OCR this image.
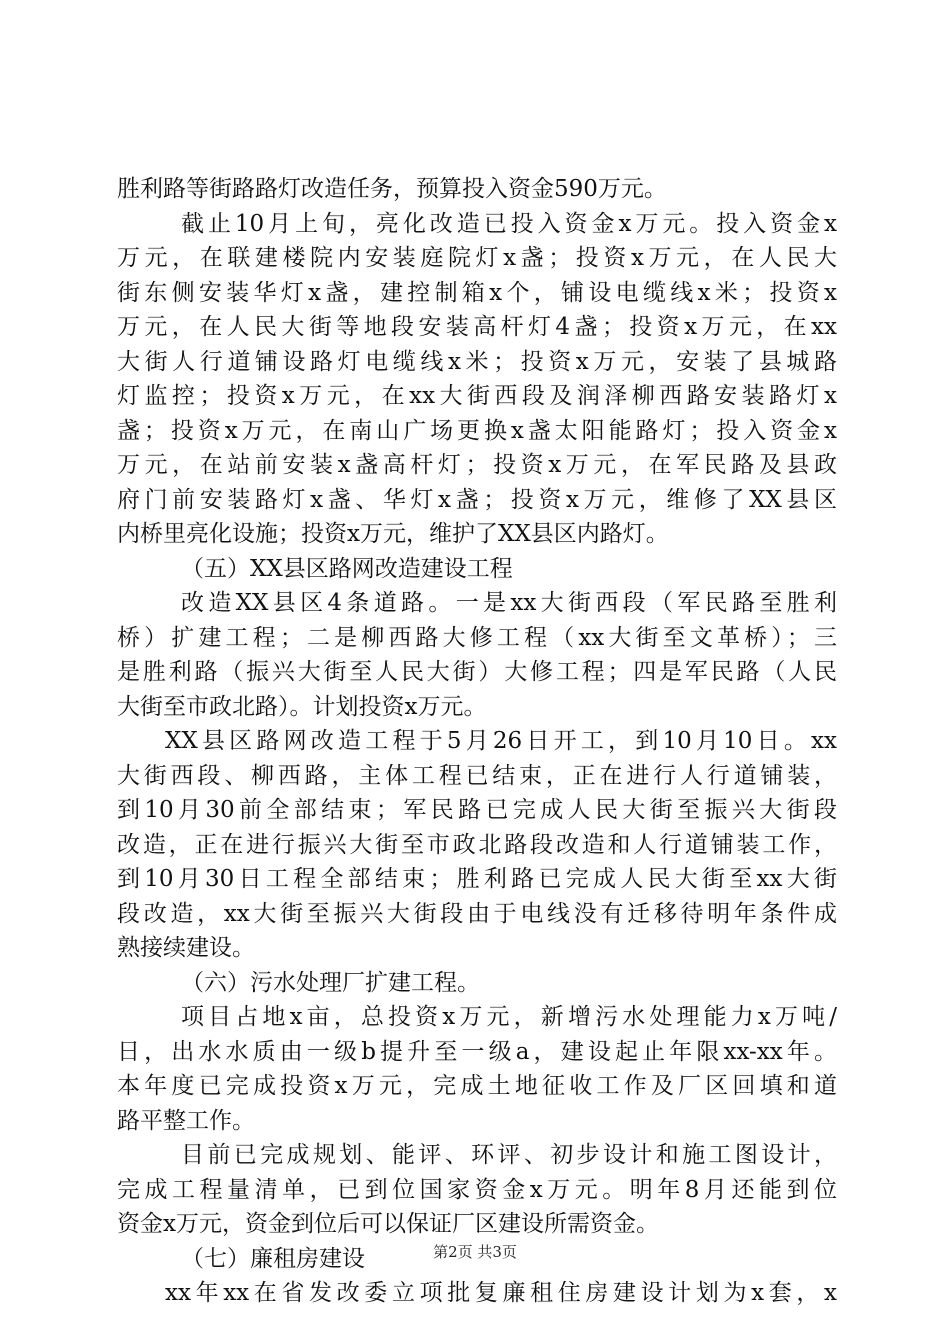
胜利路等街路路灯改造任务，预算投入资金590万元。
截止10月上旬，亮化改造已投入资金x万元。投入资金x
万元，在联建楼院内安装庭院灯x盏；投资x万元，在人民大
街东侧安装华灯x盏，建控制箱x个，铺设电缆线x米；投资x
万元，在人民大街等地段安装高杆灯4盏；投资x万元，在xx
大街人行道铺设路灯电缆线x米；投资x万元，安装了县城路
灯监控；投资x万元，在xx大街西段及润泽柳西路安装路灯x
盏；投资x万元，在南山广场更换x盏太阳能路灯；投入资金x
万元，在站前安装x盏高杆灯；投资x万元，在军民路及县政
府门前安装路灯x盏、华灯x盏；投资x万元，维修了XX县区
内桥里亮化设施；投资x万元，维护了XX县区内路灯。
（五）XX县区路网改造建设工程
改造XX县区4条道路。一是xx大街西段（军民路至胜利
桥）扩建工程；二是柳西路大修工程（xx大街至文革桥）；三
是胜利路（振兴大街至人民大街）大修工程；四是军民路（人民
大街至市政北路）。计划投资x万元。
XX县区路网改造工程于5月26日开工，到10月10日。xx
大街西段、柳西路，主体工程已结束，正在进行人行道铺装，
到10月30前全部结束；军民路已完成人民大街至振兴大街段
改造，正在进行振兴大街至市政北路段改造和人行道铺装工作，
到10月30日工程全部结束；胜利路已完成人民大街至xx大街
段改造，xx大街至振兴大街段由于电线没有迁移待明年条件成
熟接续建设。
（六）污水处理厂扩建工程。
项目占地x亩，总投资x万元，新增污水处理能力x万吨/
日，出水水质由一级b提升至一级a，建设起止年限xx-xx年。
本年度已完成投资x万元，完成土地征收工作及厂区回填和道
路平整工作。
目前已完成规划、能评、环评、初步设计和施工图设计，
完成工程量清单，已到位国家资金x万元。明年8月还能到位
资金x万元，资金到位后可以保证厂区建设所需资金。
（七）廉租房建设
xx年xx在省发改委立项批复廉租住房建设计划为x套，x
第2页 共3页
